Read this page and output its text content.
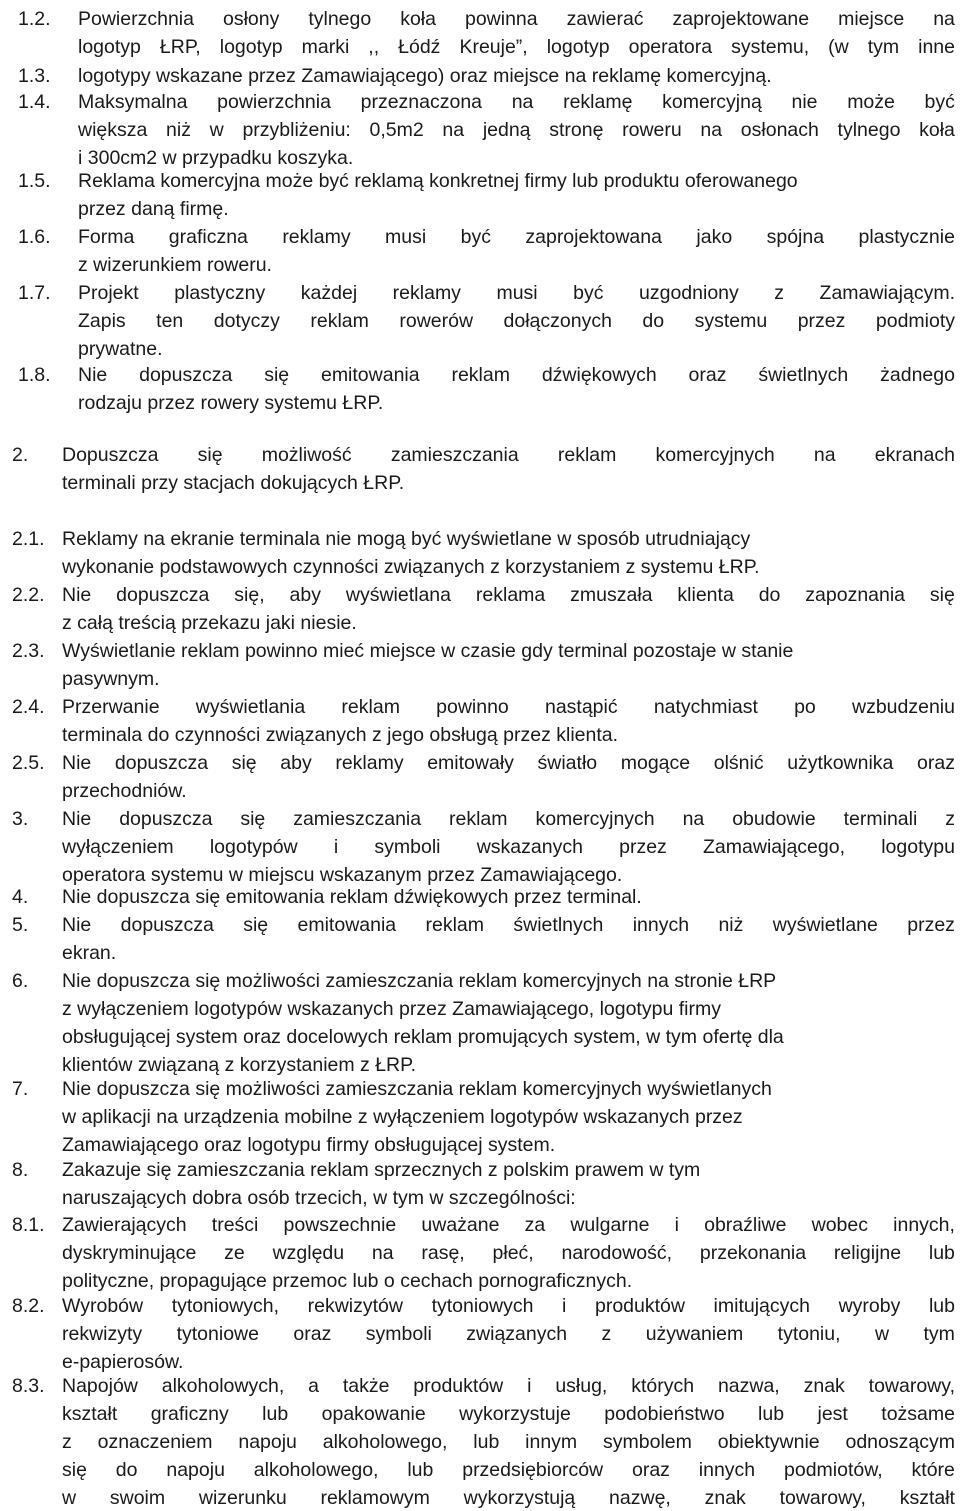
1.2. Powierzchnia osłony tylnego koła powinna zawierać zaprojektowane miejsce na
logotyp ŁRP, logotyp marki ,, Łódź Kreuje”, logotyp operatora systemu, (w tym inne
1.3. logotypy wskazane przez Zamawiającego) oraz miejsce na reklamę komercyjną.
1.4. Maksymalna powierzchnia przeznaczona na reklamę komercyjną nie może być
większa niż w przybliżeniu: 0,5m2 na jedną stronę roweru na osłonach tylnego koła
i 300cm2 w przypadku koszyka.
1.5. Reklama komercyjna może być reklamą konkretnej firmy lub produktu oferowanego
przez daną firmę.
1.6. Forma graficzna reklamy musi być zaprojektowana jako spójna plastycznie
z wizerunkiem roweru.
1.7. Projekt plastyczny każdej reklamy musi być uzgodniony z Zamawiającym.
Zapis ten dotyczy reklam rowerów dołączonych do systemu przez podmioty
prywatne.
1.8. Nie dopuszcza się emitowania reklam dźwiękowych oraz świetlnych żadnego
rodzaju przez rowery systemu ŁRP.
2. Dopuszcza się możliwość zamieszczania reklam komercyjnych na ekranach
terminali przy stacjach dokujących ŁRP.
2.1. Reklamy na ekranie terminala nie mogą być wyświetlane w sposób utrudniający
wykonanie podstawowych czynności związanych z korzystaniem z systemu ŁRP.
2.2. Nie dopuszcza się, aby wyświetlana reklama zmuszała klienta do zapoznania się
z całą treścią przekazu jaki niesie.
2.3. Wyświetlanie reklam powinno mieć miejsce w czasie gdy terminal pozostaje w stanie
pasywnym.
2.4. Przerwanie wyświetlania reklam powinno nastąpić natychmiast po wzbudzeniu
terminala do czynności związanych z jego obsługą przez klienta.
2.5. Nie dopuszcza się aby reklamy emitowały światło mogące olśnić użytkownika oraz
przechodniów.
3. Nie dopuszcza się zamieszczania reklam komercyjnych na obudowie terminali z
wyłączeniem logotypów i symboli wskazanych przez Zamawiającego, logotypu
operatora systemu w miejscu wskazanym przez Zamawiającego.
4. Nie dopuszcza się emitowania reklam dźwiękowych przez terminal.
5. Nie dopuszcza się emitowania reklam świetlnych innych niż wyświetlane przez
ekran.
6. Nie dopuszcza się możliwości zamieszczania reklam komercyjnych na stronie ŁRP
z wyłączeniem logotypów wskazanych przez Zamawiającego, logotypu firmy
obsługującej system oraz docelowych reklam promujących system, w tym ofertę dla
klientów związaną z korzystaniem z ŁRP.
7. Nie dopuszcza się możliwości zamieszczania reklam komercyjnych wyświetlanych
w aplikacji na urządzenia mobilne z wyłączeniem logotypów wskazanych przez
Zamawiającego oraz logotypu firmy obsługującej system.
8. Zakazuje się zamieszczania reklam sprzecznych z polskim prawem w tym
naruszających dobra osób trzecich, w tym w szczególności:
8.1. Zawierających treści powszechnie uważane za wulgarne i obraźliwe wobec innych,
dyskryminujące ze względu na rasę, płeć, narodowość, przekonania religijne lub
polityczne, propagujące przemoc lub o cechach pornograficznych.
8.2. Wyrobów tytoniowych, rekwizytów tytoniowych i produktów imitujących wyroby lub
rekwizyty tytoniowe oraz symboli związanych z używaniem tytoniu, w tym
e-papierosów.
8.3. Napojów alkoholowych, a także produktów i usług, których nazwa, znak towarowy,
kształt graficzny lub opakowanie wykorzystuje podobieństwo lub jest tożsame
z oznaczeniem napoju alkoholowego, lub innym symbolem obiektywnie odnoszącym
się do napoju alkoholowego, lub przedsiębiorców oraz innych podmiotów, które
w swoim wizerunku reklamowym wykorzystują nazwę, znak towarowy, kształt
